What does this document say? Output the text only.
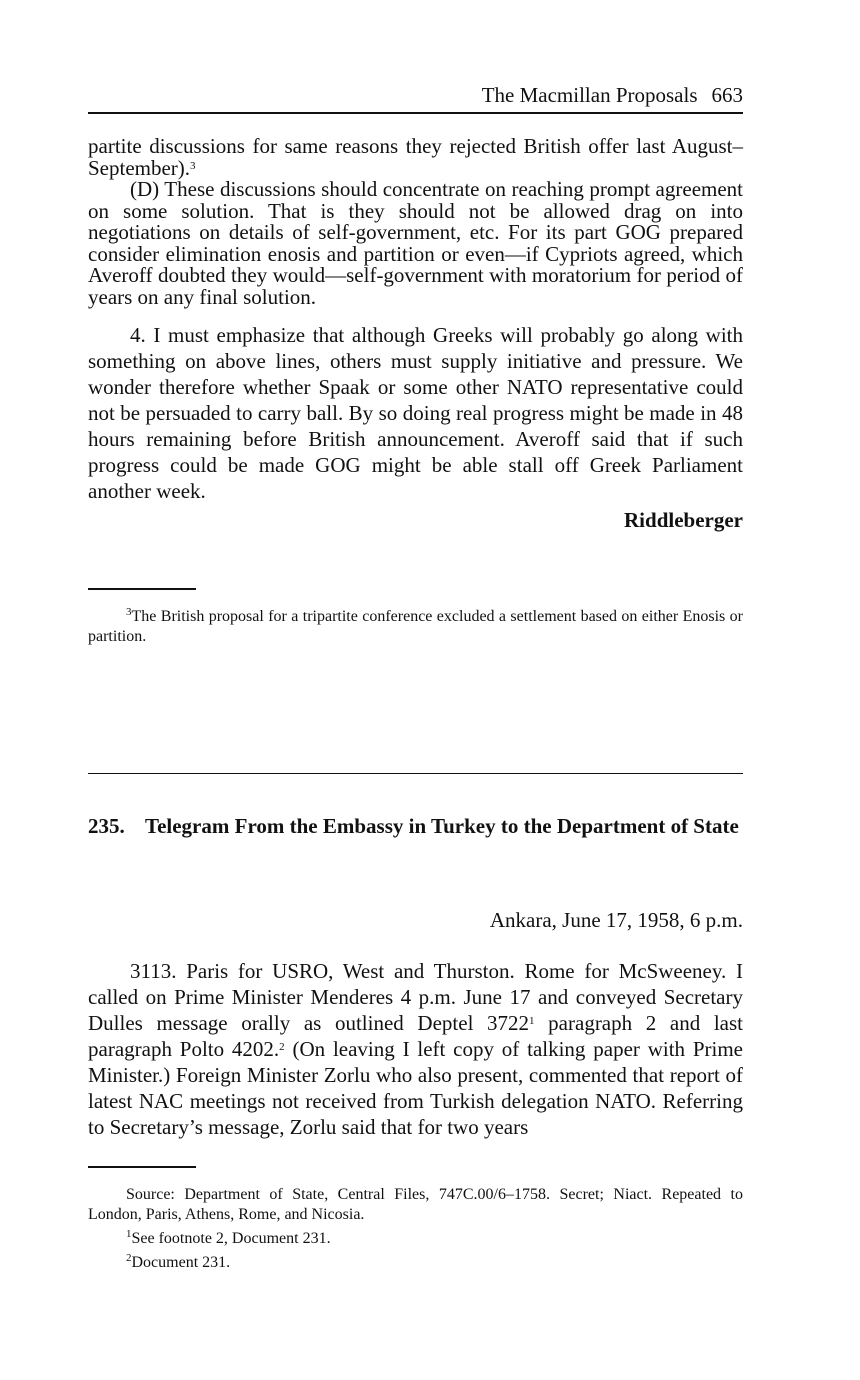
The Macmillan Proposals 663

partite discussions for same reasons they rejected British offer last August–September).$^3$
(D) These discussions should concentrate on reaching prompt agreement on some solution. That is they should not be allowed drag on into negotiations on details of self-government, etc. For its part GOG prepared consider elimination enosis and partition or even—if Cypriots agreed, which Averoff doubted they would—self-government with moratorium for period of years on any final solution.

4. I must emphasize that although Greeks will probably go along with something on above lines, others must supply initiative and pressure. We wonder therefore whether Spaak or some other NATO representative could not be persuaded to carry ball. By so doing real progress might be made in 48 hours remaining before British announcement. Averoff said that if such progress could be made GOG might be able stall off Greek Parliament another week.

Riddleberger

$^3$The British proposal for a tripartite conference excluded a settlement based on either Enosis or partition.

235. Telegram From the Embassy in Turkey to the Department of State
Ankara, June 17, 1958, 6 p.m.

3113. Paris for USRO, West and Thurston. Rome for McSweeney. I called on Prime Minister Menderes 4 p.m. June 17 and conveyed Secretary Dulles message orally as outlined Deptel 3722$^1$ paragraph 2 and last paragraph Polto 4202.$^2$ (On leaving I left copy of talking paper with Prime Minister.) Foreign Minister Zorlu who also present, commented that report of latest NAC meetings not received from Turkish delegation NATO. Referring to Secretary’s message, Zorlu said that for two years

Source: Department of State, Central Files, 747C.00/6–1758. Secret; Niact. Repeated to London, Paris, Athens, Rome, and Nicosia.

$^1$See footnote 2, Document 231.

$^2$Document 231.
